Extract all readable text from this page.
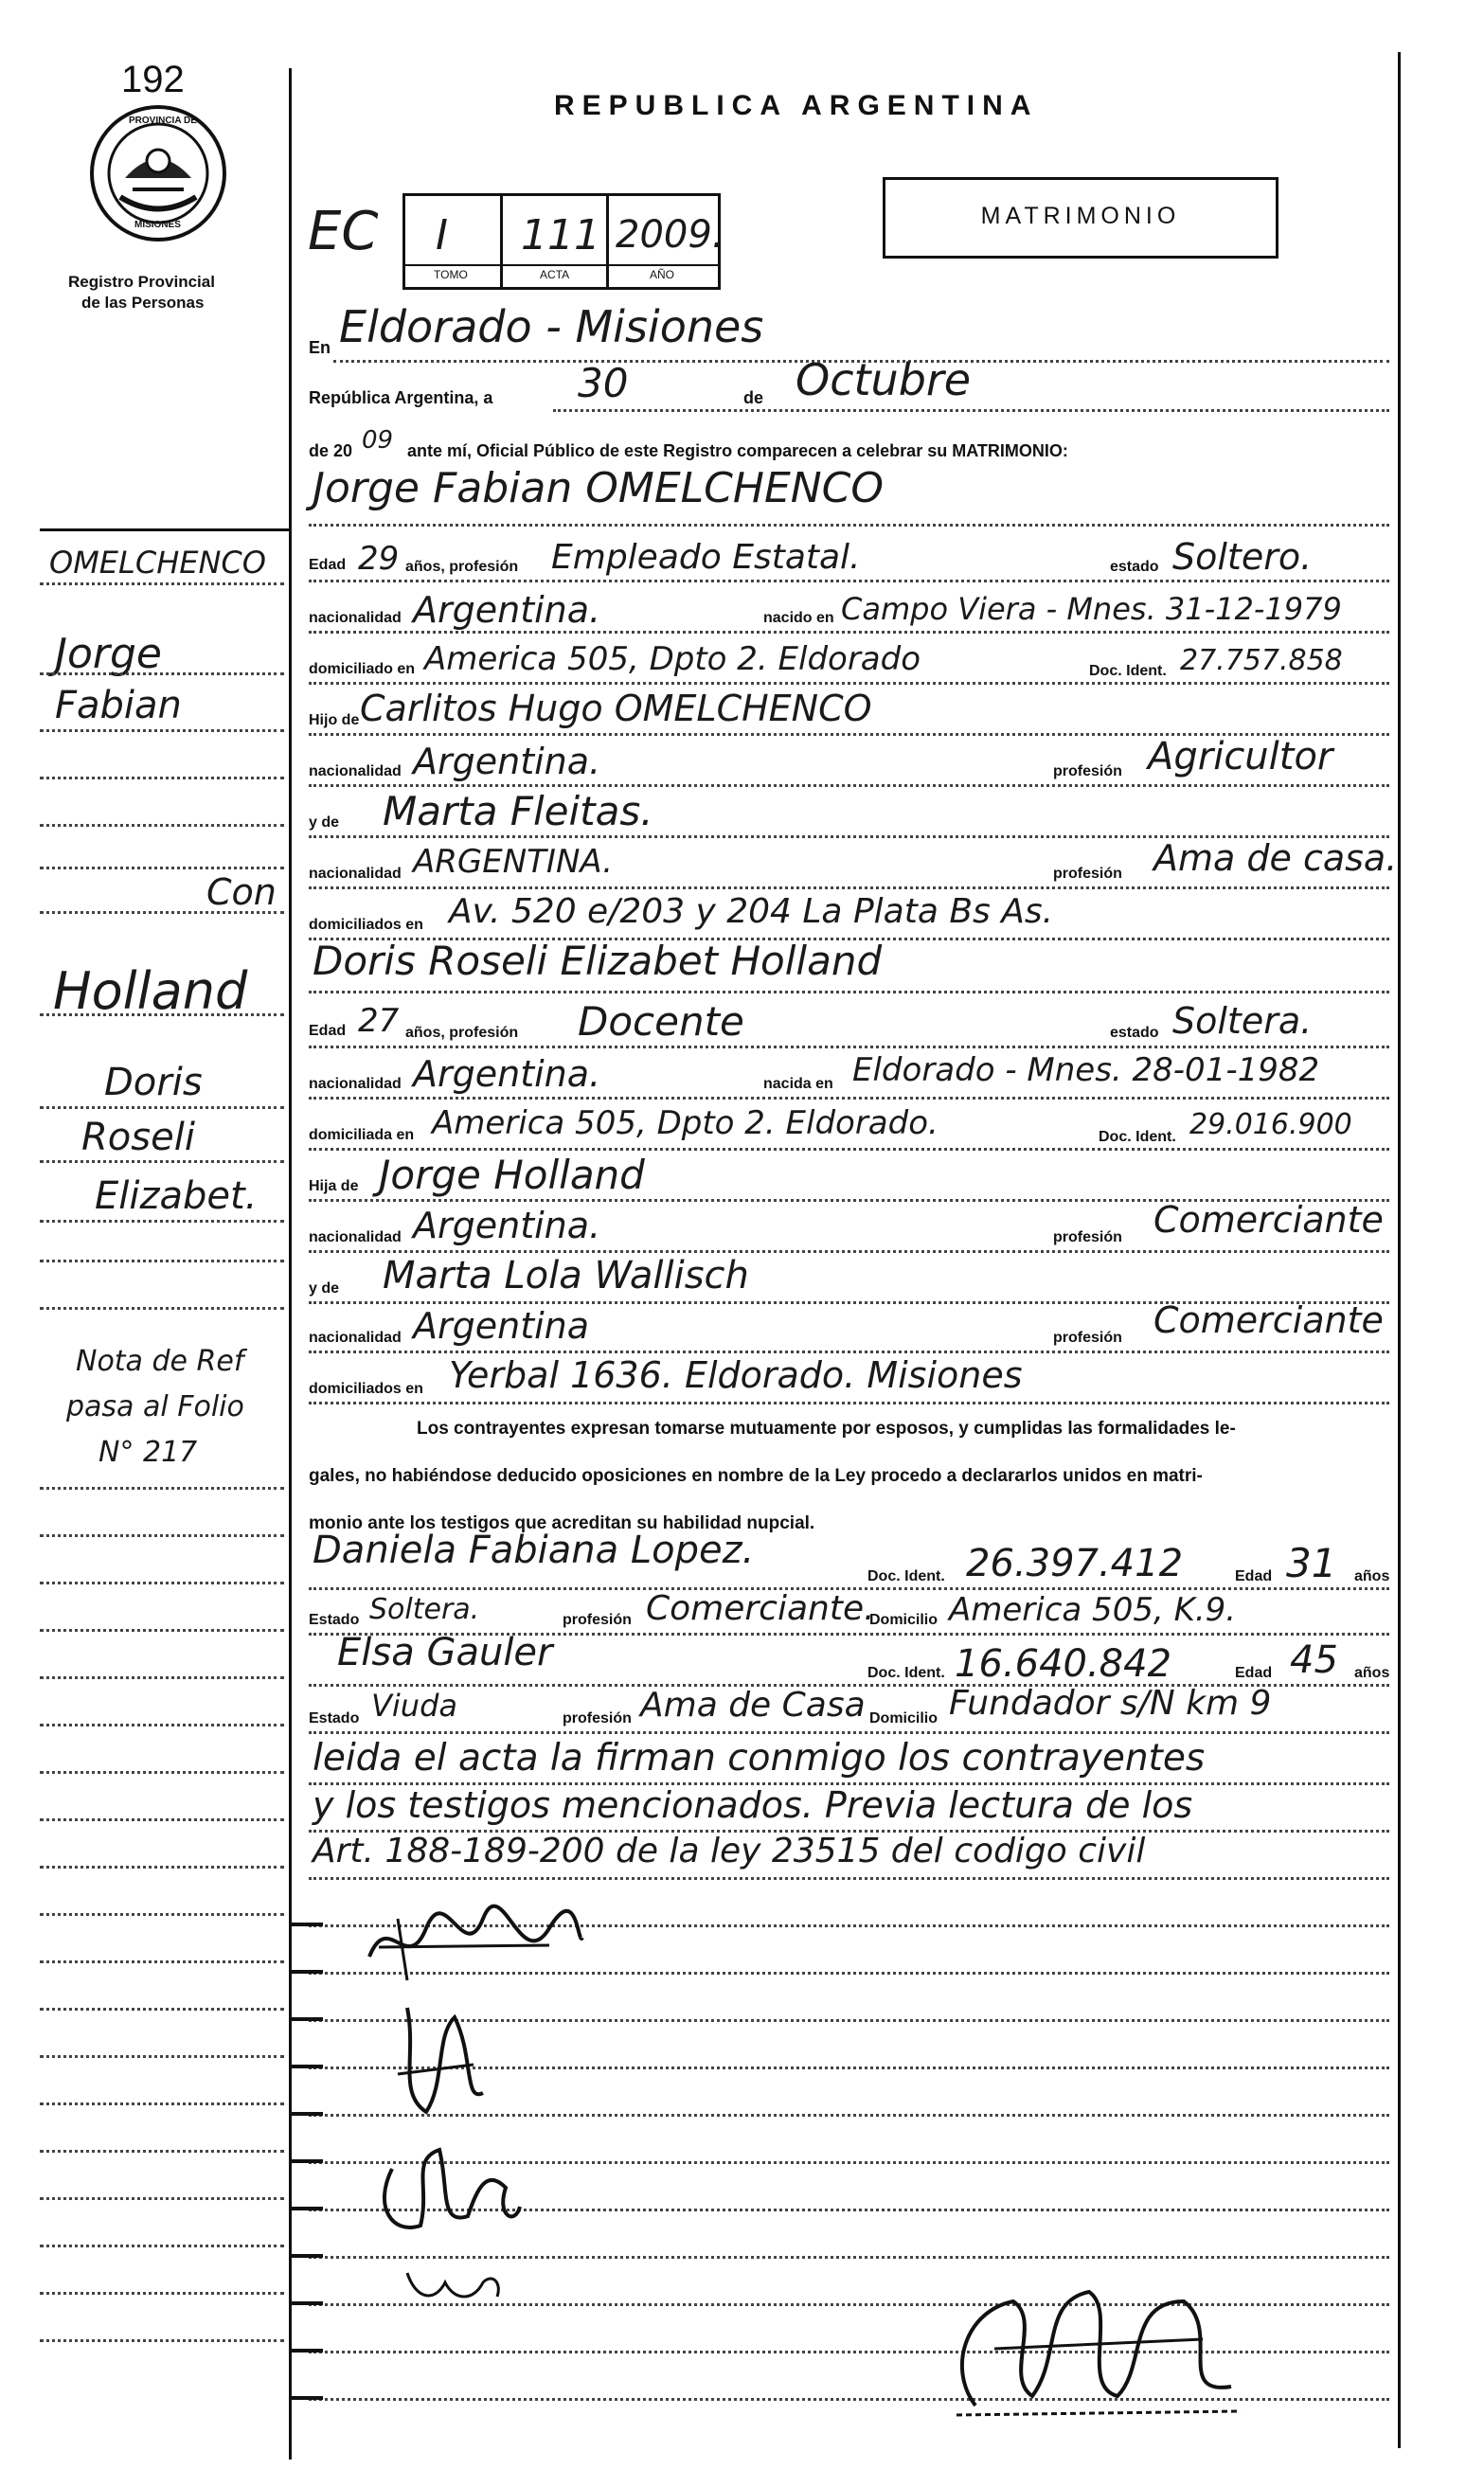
192
PROVINCIA DE
MISIONES
Registro Provincial
de las Personas
OMELCHENCO
Jorge
Fabian
Con
Holland
Doris
Roseli
Elizabet.
Nota de Ref
pasa al Folio
N° 217
REPUBLICA ARGENTINA
MATRIMONIO
EC I 111 2009.
TOMO	ACTA	AÑO
En Eldorado - Misiones
República Argentina, a 30	de Octubre
de 20 09 ante mí, Oficial Público de este Registro comparecen a celebrar su MATRIMONIO:
Jorge Fabian OMELCHENCO
Edad 29 años, profesión Empleado Estatal.	estado Soltero.
nacionalidad Argentina.	nacido en Campo Viera - Mnes. 31-12-1979
domiciliado en America 505, Dpto 2. Eldorado	Doc. Ident. 27.757.858
Hijo de Carlitos Hugo OMELCHENCO
nacionalidad Argentina.	profesión Agricultor
y de Marta Fleitas.
nacionalidad ARGENTINA.	profesión Ama de casa.
domiciliados en Av. 520 e/203 y 204 La Plata Bs As.
Doris Roseli Elizabet Holland
Edad 27 años, profesión Docente	estado Soltera.
nacionalidad Argentina.	nacida en Eldorado - Mnes. 28-01-1982
domiciliada en America 505, Dpto 2. Eldorado.	Doc. Ident. 29.016.900
Hija de Jorge Holland
nacionalidad Argentina.	profesión Comerciante
y de Marta Lola Wallisch
nacionalidad Argentina	profesión Comerciante
domiciliados en Yerbal 1636. Eldorado. Misiones
Los contrayentes expresan tomarse mutuamente por esposos, y cumplidas las formalidades le-
gales, no habiéndose deducido oposiciones en nombre de la Ley procedo a declararlos unidos en matri-
monio ante los testigos que acreditan su habilidad nupcial.
Daniela Fabiana Lopez.
Doc. Ident. 26.397.412	Edad 31 años
Estado Soltera.	profesión Comerciante.
Domicilio America 505, K.9.
Elsa Gauler	Doc. Ident. 16.640.842	Edad 45 años
Estado Viuda	profesión Ama de Casa Domicilio Fundador s/N km 9
leida el acta la firman conmigo los contrayentes
y los testigos mencionados. Previa lectura de los
Art. 188-189-200 de la ley 23515 del codigo civil
